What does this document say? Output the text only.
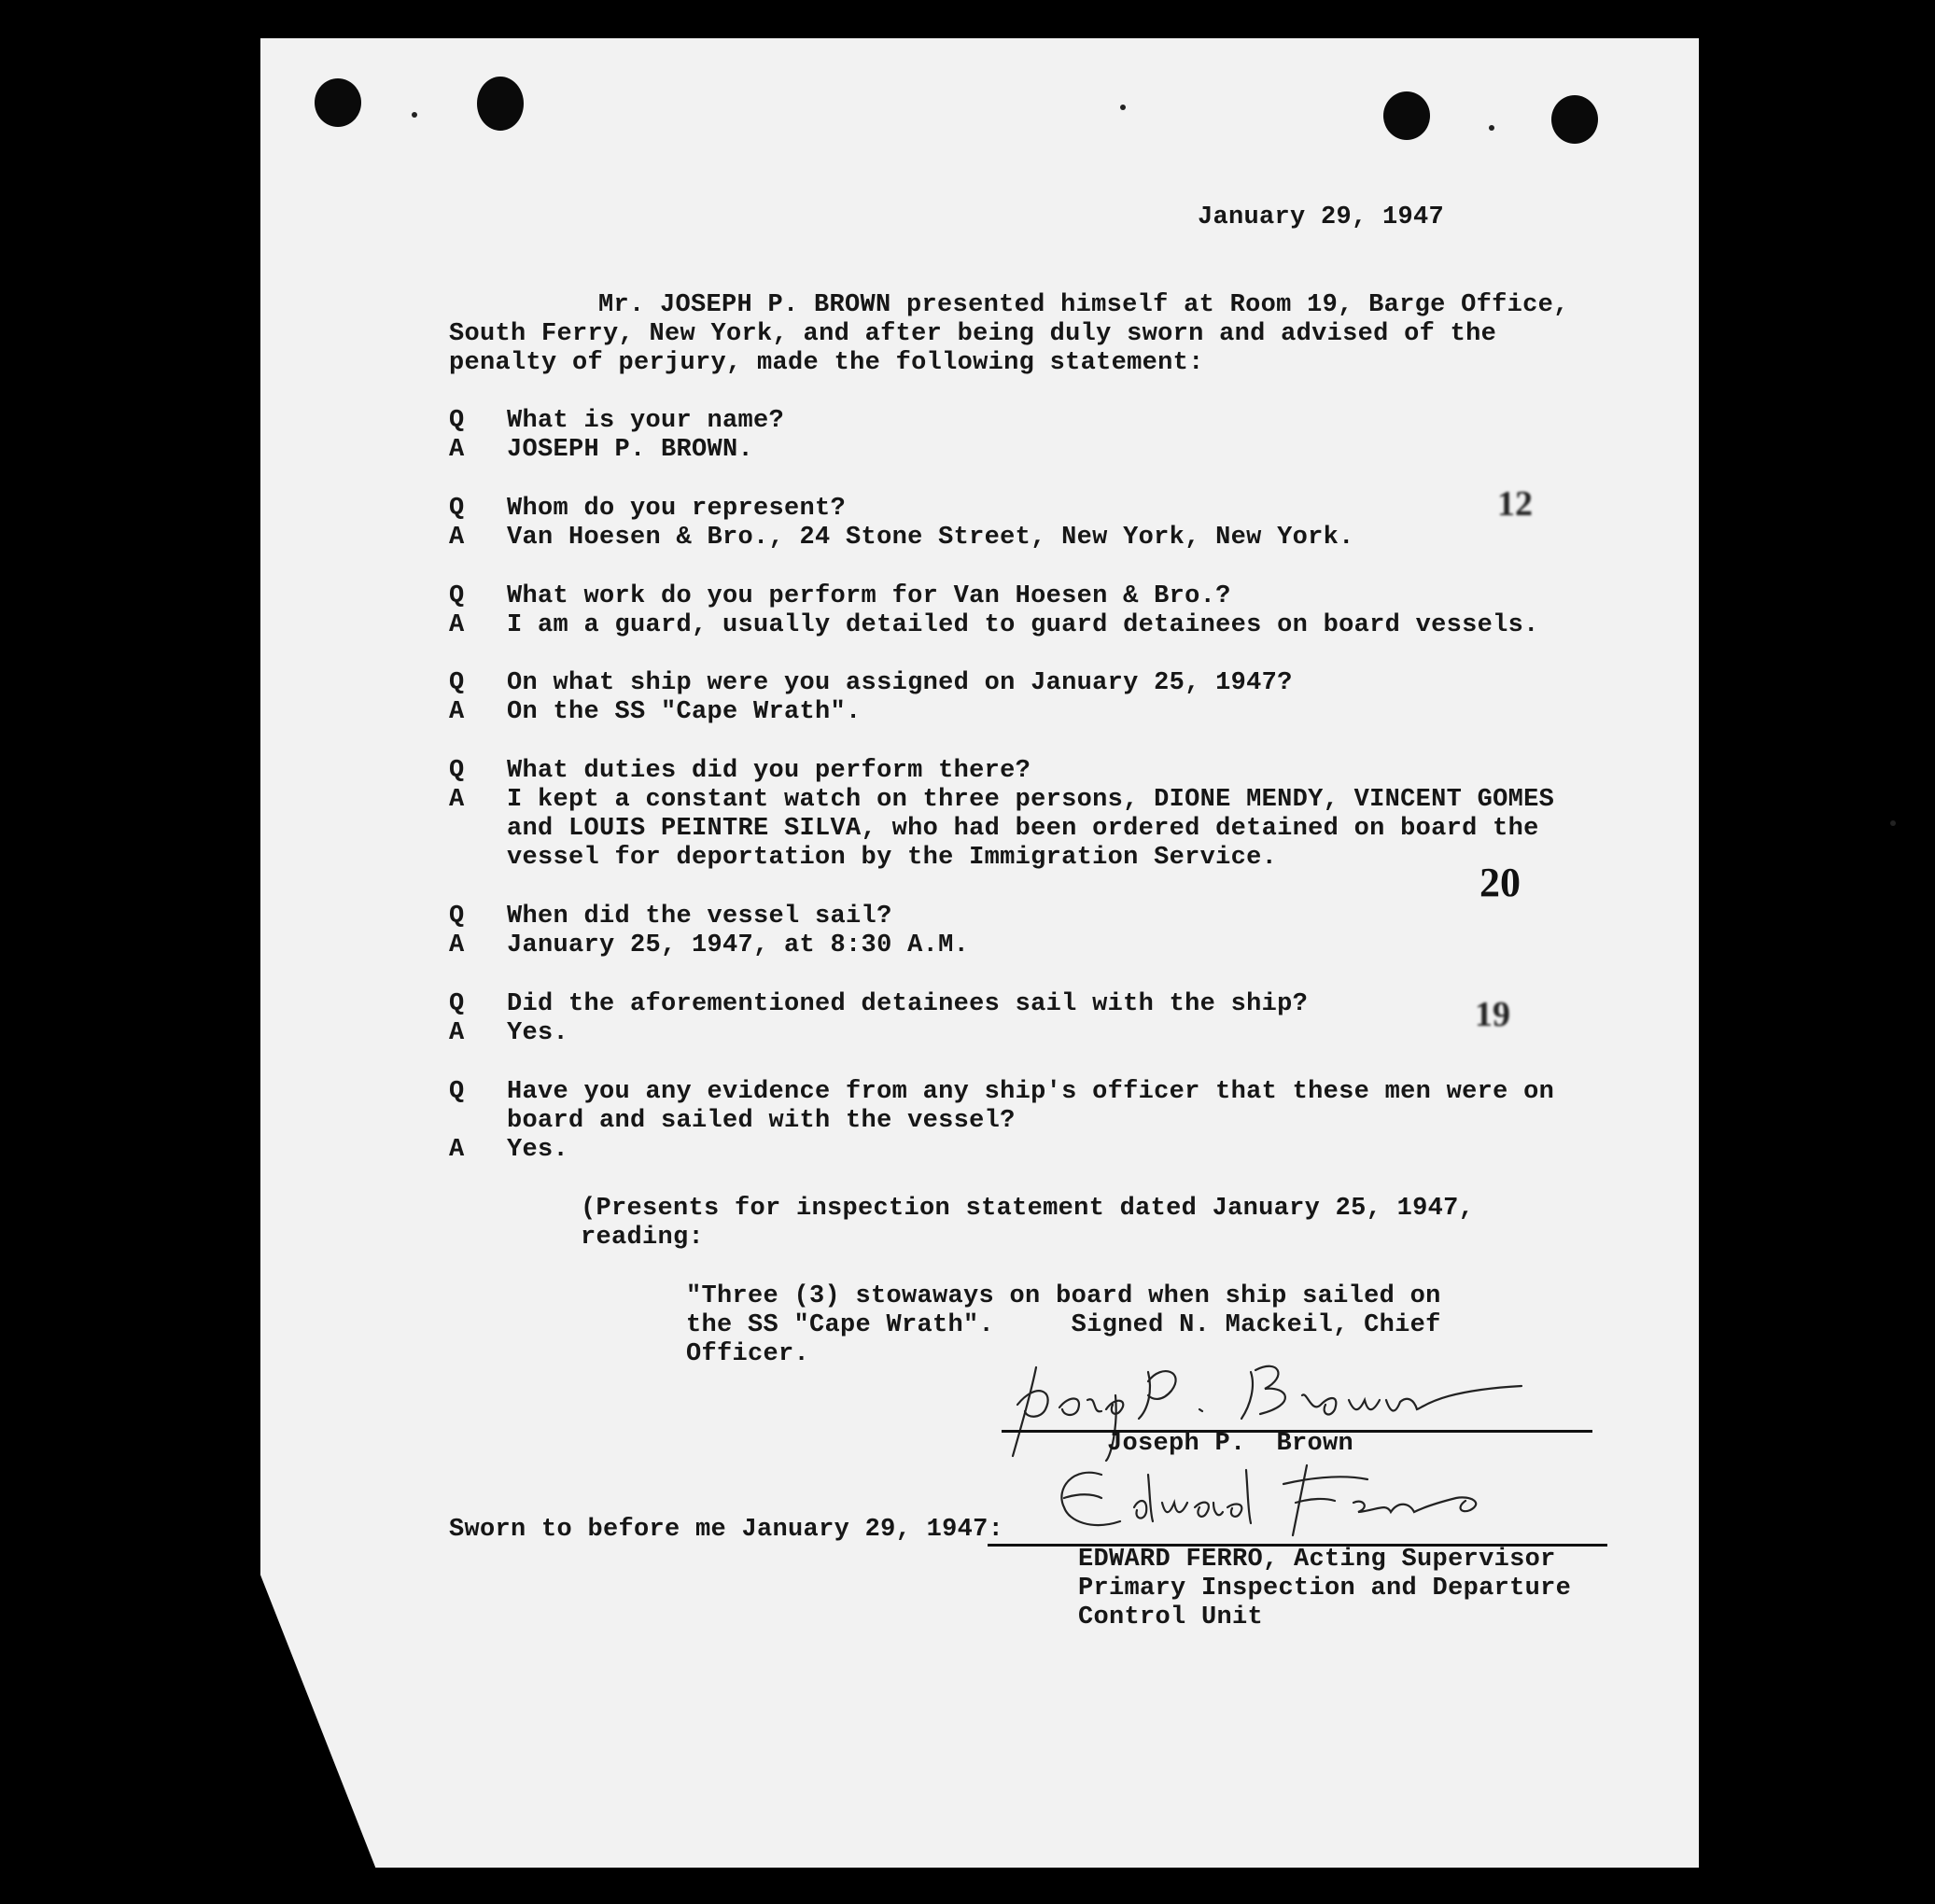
January 29, 1947
Mr. JOSEPH P. BROWN presented himself at Room 19, Barge Office,
South Ferry, New York, and after being duly sworn and advised of the
penalty of perjury, made the following statement:
Q What is your name?
A JOSEPH P. BROWN.
Q Whom do you represent?
A Van Hoesen & Bro., 24 Stone Street, New York, New York.
Q What work do you perform for Van Hoesen & Bro.?
A I am a guard, usually detailed to guard detainees on board vessels.
Q On what ship were you assigned on January 25, 1947?
A On the SS "Cape Wrath".
Q What duties did you perform there?
A I kept a constant watch on three persons, DIONE MENDY, VINCENT GOMES
and LOUIS PEINTRE SILVA, who had been ordered detained on board the
vessel for deportation by the Immigration Service.
Q When did the vessel sail?
A January 25, 1947, at 8:30 A.M.
Q Did the aforementioned detainees sail with the ship?
A Yes.
Q Have you any evidence from any ship's officer that these men were on
board and sailed with the vessel?
A Yes.
12
20
19
(Presents for inspection statement dated January 25, 1947,
reading:
"Three (3) stowaways on board when ship sailed on
the SS "Cape Wrath".     Signed N. Mackeil, Chief
Officer.
Joseph P.  Brown
Sworn to before me January 29, 1947:
EDWARD FERRO, Acting Supervisor
Primary Inspection and Departure
Control Unit
